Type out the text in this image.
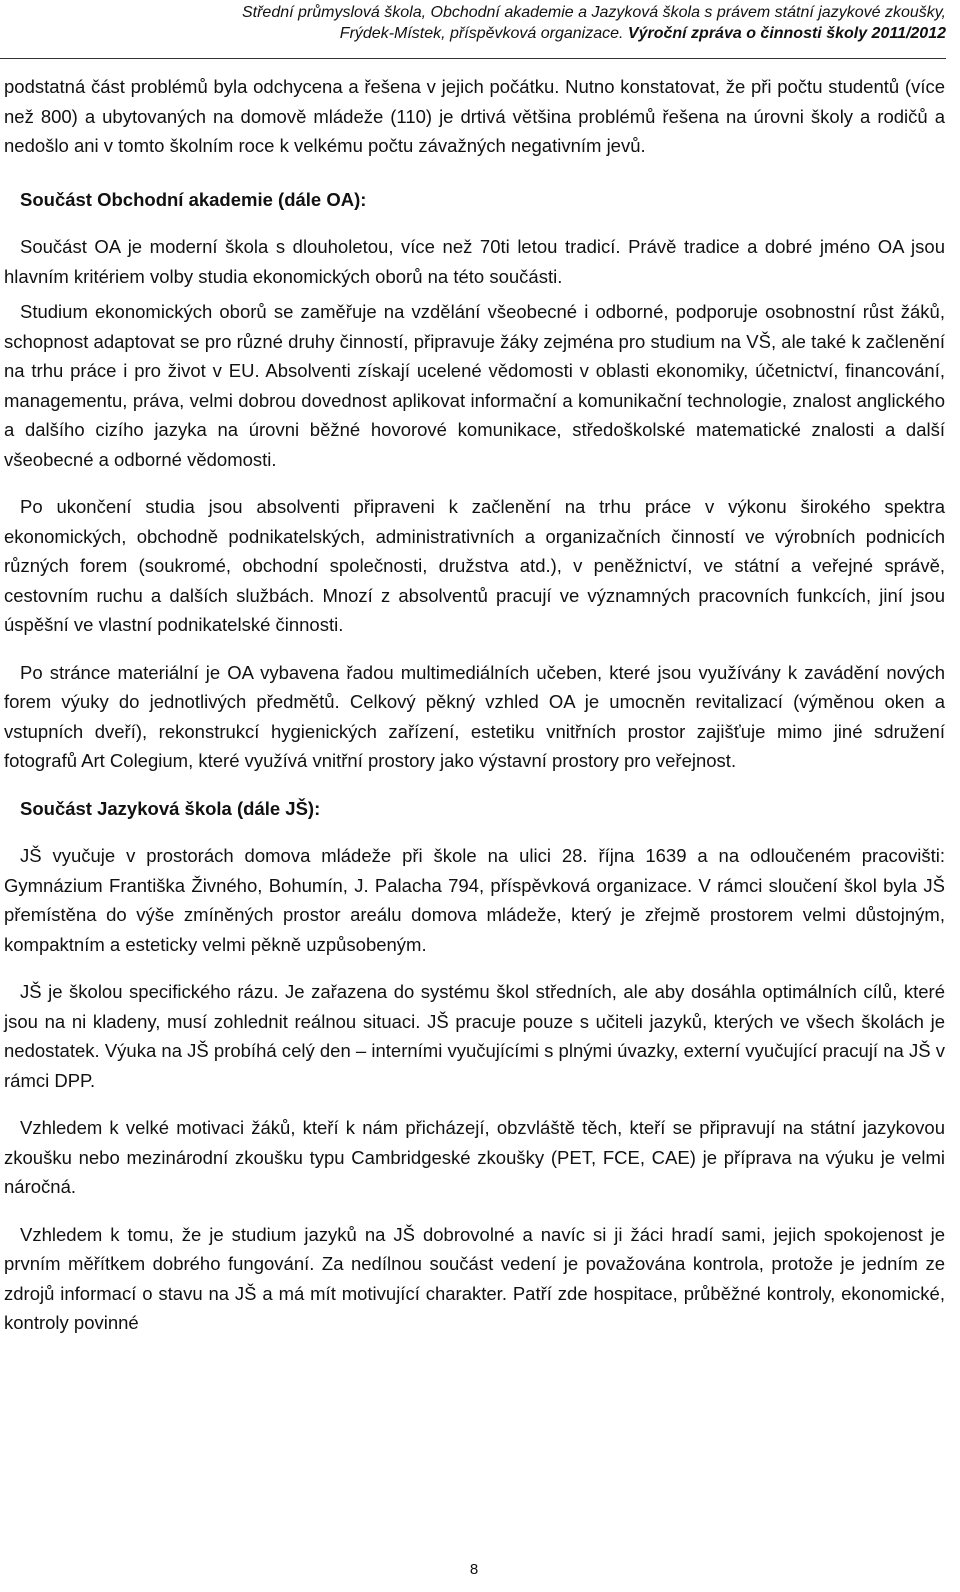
Střední průmyslová škola, Obchodní akademie a Jazyková škola s právem státní jazykové zkoušky,
Frýdek-Místek, příspěvková organizace. Výroční zpráva o činnosti školy 2011/2012

podstatná část problémů byla odchycena a řešena v jejich počátku. Nutno konstatovat, že při počtu studentů (více než 800) a ubytovaných na domově mládeže (110) je drtivá většina problémů řešena na úrovni školy a rodičů a nedošlo ani v tomto školním roce k velkému počtu závažných negativním jevů.

Součást Obchodní akademie (dále OA):

Součást OA je moderní škola s dlouholetou, více než 70ti letou tradicí. Právě tradice a dobré jméno OA jsou hlavním kritériem volby studia ekonomických oborů na této součásti.

Studium ekonomických oborů se zaměřuje na vzdělání všeobecné i odborné, podporuje osobnostní růst žáků, schopnost adaptovat se pro různé druhy činností, připravuje žáky zejména pro studium na VŠ, ale také k začlenění na trhu práce i pro život v EU. Absolventi získají ucelené vědomosti v oblasti ekonomiky, účetnictví, financování, managementu, práva, velmi dobrou dovednost aplikovat informační a komunikační technologie, znalost anglického a dalšího cizího jazyka na úrovni běžné hovorové komunikace, středoškolské matematické znalosti a další všeobecné a odborné vědomosti.

Po ukončení studia jsou absolventi připraveni k začlenění na trhu práce v výkonu širokého spektra ekonomických, obchodně podnikatelských, administrativních a organizačních činností ve výrobních podnicích různých forem (soukromé, obchodní společnosti, družstva atd.), v peněžnictví, ve státní a veřejné správě, cestovním ruchu a dalších službách. Mnozí z absolventů pracují ve významných pracovních funkcích, jiní jsou úspěšní ve vlastní podnikatelské činnosti.

Po stránce materiální je OA vybavena řadou multimediálních učeben, které jsou využívány k zavádění nových forem výuky do jednotlivých předmětů. Celkový pěkný vzhled OA je umocněn revitalizací (výměnou oken a vstupních dveří), rekonstrukcí hygienických zařízení, estetiku vnitřních prostor zajišťuje mimo jiné sdružení fotografů Art Colegium, které využívá vnitřní prostory jako výstavní prostory pro veřejnost.

Součást Jazyková škola (dále JŠ):

JŠ vyučuje v prostorách domova mládeže při škole na ulici 28. října 1639 a na odloučeném pracovišti: Gymnázium Františka Živného, Bohumín, J. Palacha 794, příspěvková organizace. V rámci sloučení škol byla JŠ přemístěna do výše zmíněných prostor areálu domova mládeže, který je zřejmě prostorem velmi důstojným, kompaktním a esteticky velmi pěkně uzpůsobeným.

JŠ je školou specifického rázu. Je zařazena do systému škol středních, ale aby dosáhla optimálních cílů, které jsou na ni kladeny, musí zohlednit reálnou situaci. JŠ pracuje pouze s učiteli jazyků, kterých ve všech školách je nedostatek. Výuka na JŠ probíhá celý den – interními vyučujícími s plnými úvazky, externí vyučující pracují na JŠ v rámci DPP.

Vzhledem k velké motivaci žáků, kteří k nám přicházejí, obzvláště těch, kteří se připravují na státní jazykovou zkoušku nebo mezinárodní zkoušku typu Cambridgeské zkoušky (PET, FCE, CAE) je příprava na výuku je velmi náročná.

Vzhledem k tomu, že je studium jazyků na JŠ dobrovolné a navíc si ji žáci hradí sami, jejich spokojenost je prvním měřítkem dobrého fungování. Za nedílnou součást vedení je považována kontrola, protože je jedním ze zdrojů informací o stavu na JŠ a má mít motivující charakter. Patří zde hospitace, průběžné kontroly, ekonomické, kontroly povinné

8
